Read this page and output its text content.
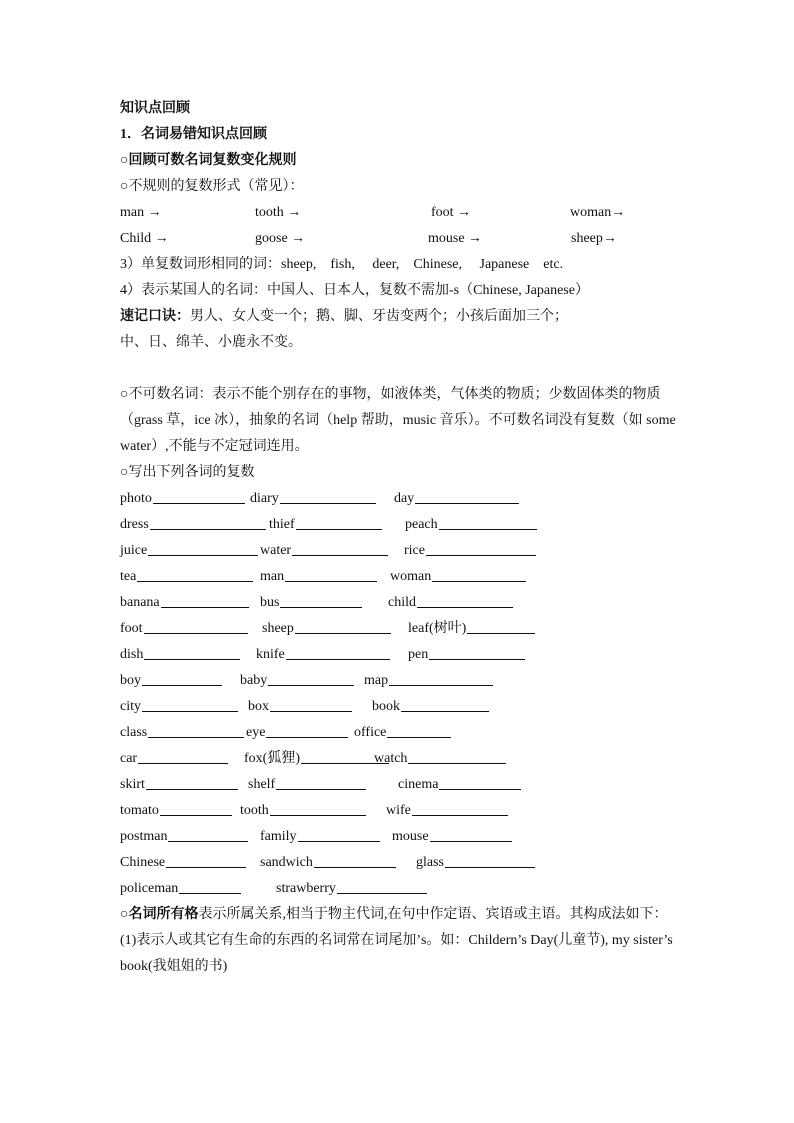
知识点回顾
1．名词易错知识点回顾
○回顾可数名词复数变化规则
○不规则的复数形式（常见）：
man →	tooth →	foot →	woman→
Child →	goose →	mouse →	sheep→
3）单复数词形相同的词：sheep,    fish,     deer,    Chinese,     Japanese    etc.
4）表示某国人的名词：中国人、日本人，复数不需加-s（Chinese, Japanese）
速记口诀：男人、女人变一个；鹅、脚、牙齿变两个；小孩后面加三个；
中、日、绵羊、小鹿永不变。
○不可数名词：表示不能个别存在的事物，如液体类，气体类的物质；少数固体类的物质 （grass 草，ice 冰），抽象的名词（help 帮助，music 音乐）。不可数名词没有复数（如 some water）,不能与不定冠词连用。
○写出下列各词的复数
photo	diary	day
dress	thief	peach
juice	water	rice
tea	man	woman
banana	bus	child
foot	sheep	leaf(树叶)
dish	knife	pen
boy	baby	map
city	box	book
class	eye	office
car	fox(狐狸)	watch
skirt	shelf	cinema
tomato	tooth	wife
postman	family	mouse
Chinese	sandwich	glass
policeman	strawberry
○名词所有格表示所属关系,相当于物主代词,在句中作定语、宾语或主语。其构成法如下：
(1)表示人或其它有生命的东西的名词常在词尾加’s。如：Childern’s Day(儿童节), my sister’s book(我姐姐的书)
